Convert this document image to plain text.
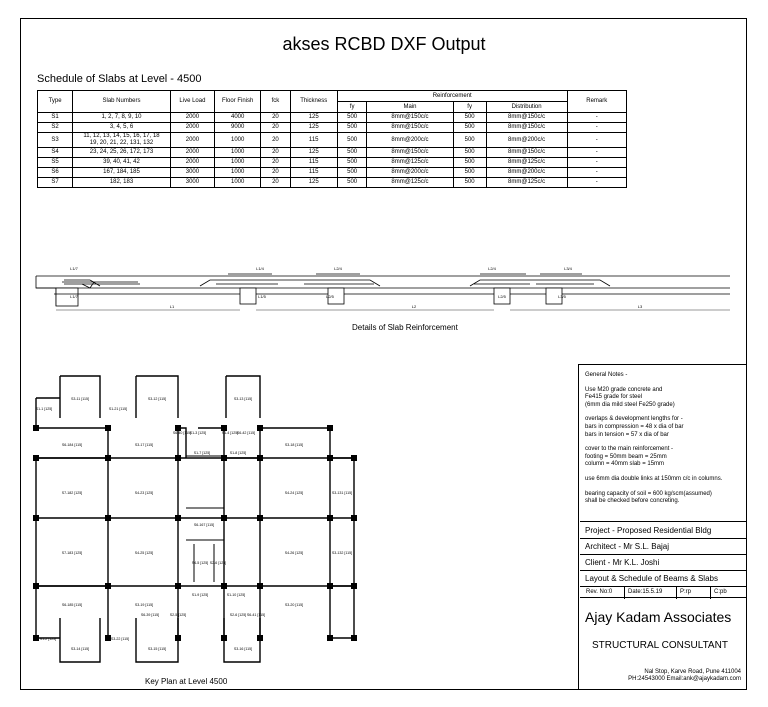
akses RCBD DXF Output
Schedule of Slabs at Level - 4500
Type	Slab Numbers	Live Load	Floor Finish	fck	Thickness	Reinforcement				Remark
						fy	Main	fy	Distribution	
S1	1, 2, 7, 8, 9, 10	2000	4000	20	125	500	8mm@150c/c	500	8mm@150c/c	-
S2	3, 4, 5, 6	2000	9000	20	125	500	8mm@150c/c	500	8mm@150c/c	-
S3	11, 12, 13, 14, 15, 16, 17, 18
19, 20, 21, 22, 131, 132	2000	1000	20	115	500	8mm@200c/c	500	8mm@200c/c	-
S4	23, 24, 25, 26, 172, 173	2000	1000	20	125	500	8mm@150c/c	500	8mm@150c/c	-
S5	39, 40, 41, 42	2000	1000	20	115	500	8mm@125c/c	500	8mm@125c/c	-
S6	167, 184, 185	3000	1000	20	115	500	8mm@200c/c	500	8mm@200c/c	-
S7	182, 183	3000	1000	20	125	500	8mm@125c/c	500	8mm@125c/c	-
L1/7	L1/4	L2/4	L2/4	L3/4
L1/7	L1/5	L2/5	L2/5	L3/5
L1	L2	L3
Details of Slab Reinforcement
S3-11 [115]	S3-12 [115]	S3-13 [115]
S1-1 [125]	S1-21 [115]
S6-184 [115]	S3-17 [115]
S6-40 [115]
S1-3 [125]	S1-4 [125]
S6-42 [115]
S3-18 [115]
S1-7 [125]	S1-8 [125]
S7-182 [125]	S4-23 [125]	S4-24 [125]	S3-131 [115]
S6-167 [115]
S7-183 [125]	S4-25 [125]	S4-26 [125]	S3-132 [115]
S4-5 [125] S2-6 [125]
S6-185 [115]	S3-19 [115]
S1-9 [125]	S1-10 [125]
S3-20 [115]
S6-39 [115]	S2-5 [125]	S2-6 [125] S6-41 [115]
S1-2 [125]	S3-22 [115]
S3-14 [115]	S3-15 [115]	S3-16 [115]
Key Plan at Level 4500

General Notes -

Use M20 grade concrete and
Fe415 grade for steel
(6mm dia mild steel Fe250 grade)

overlaps & development lengths for -
bars in compression = 48 x dia of bar
bars in tension = 57 x dia of bar

cover to the main reinforcement -
footing = 50mm beam = 25mm
column = 40mm slab = 15mm

use 6mm dia double links at 150mm c/c in columns.

bearing capacity of soil = 600 kg/scm(assumed)
shall be checked before concreting.

Project - Proposed Residential Bldg
Architect - Mr S.L. Bajaj
Client - Mr K.L. Joshi
Layout & Schedule of Beams & Slabs
Rev. No:0	Date:15.5.19	P:rp	C:pb
Ajay Kadam Associates
STRUCTURAL CONSULTANT
Nal Stop, Karve Road, Pune 411004
PH:24543000 Email:ank@ajaykadam.com
